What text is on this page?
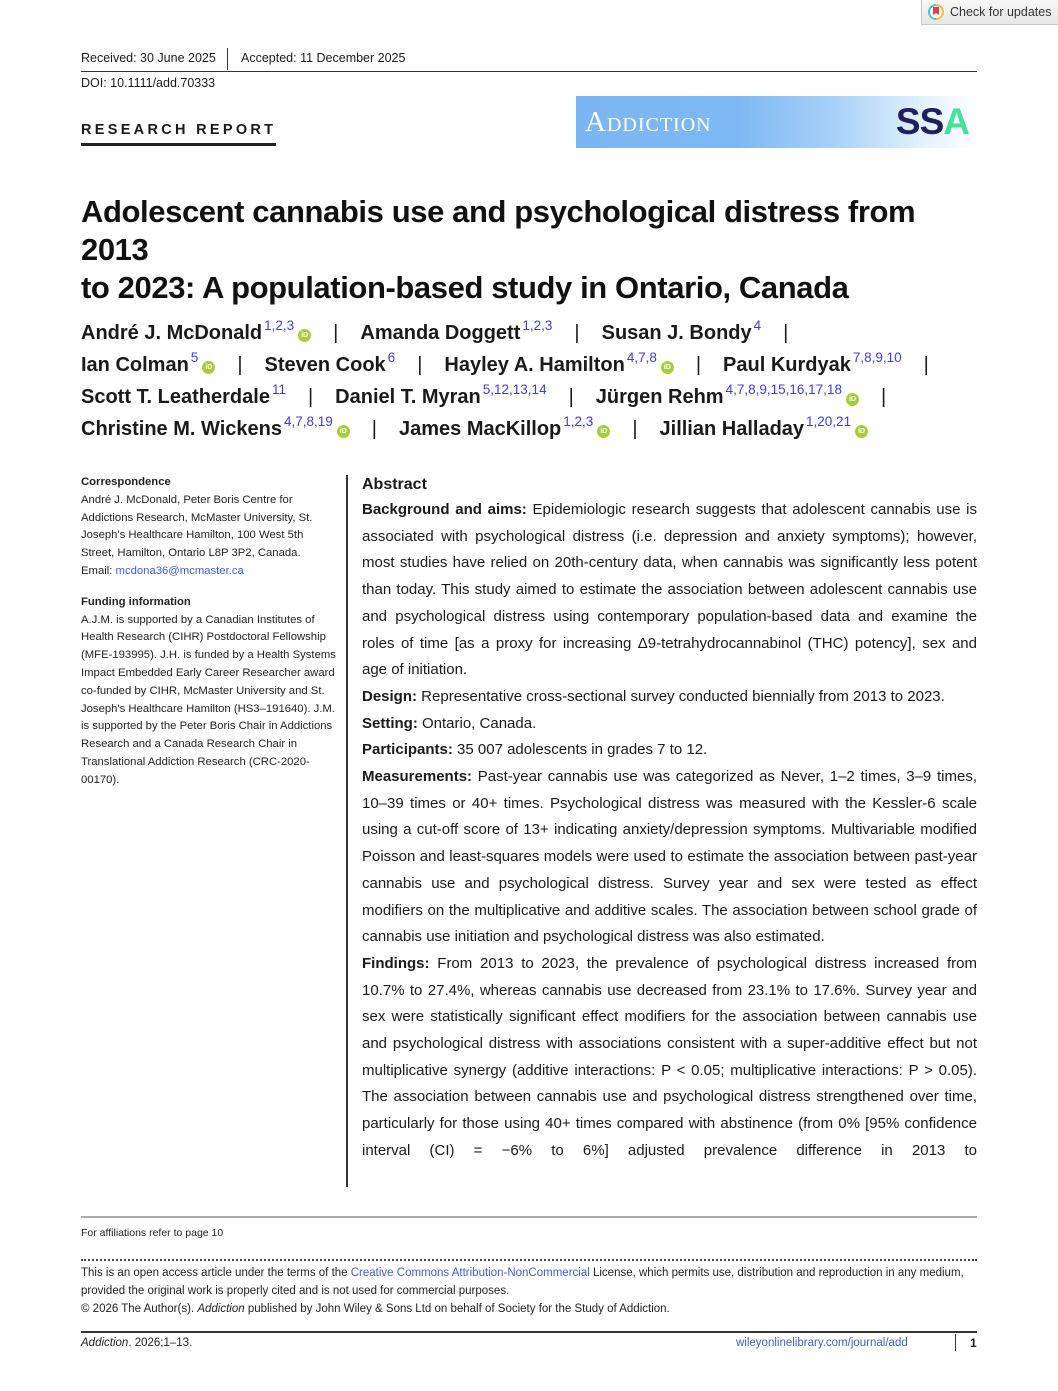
Check for updates
Received: 30 June 2025 Accepted: 11 December 2025
DOI: 10.1111/add.70333
RESEARCH REPORT	Addiction	SSA
Adolescent cannabis use and psychological distress from 2013
to 2023: A population-based study in Ontario, Canada
André J. McDonald $^{1,2,3}$iD | Amanda Doggett $^{1,2,3}$ | Susan J. Bondy $^4$ |
Ian Colman $^5$iD | Steven Cook $^6$ | Hayley A. Hamilton $^{4,7,8}$iD | Paul Kurdyak $^{7,8,9,10}$ |
Scott T. Leatherdale $^{11}$ | Daniel T. Myran $^{5,12,13,14}$ | Jürgen Rehm $^{4,7,8,9,15,16,17,18}$iD |
Christine M. Wickens $^{4,7,8,19}$iD | James MacKillop $^{1,2,3}$iD | Jillian Halladay $^{1,20,21}$iD
Correspondence

André J. McDonald, Peter Boris Centre for Addictions Research, McMaster University, St. Joseph's Healthcare Hamilton, 100 West 5th Street, Hamilton, Ontario L8P 3P2, Canada.
Email: mcdona36@mcmaster.ca

Funding information

A.J.M. is supported by a Canadian Institutes of Health Research (CIHR) Postdoctoral Fellowship (MFE-193995). J.H. is funded by a Health Systems Impact Embedded Early Career Researcher award co-funded by CIHR, McMaster University and St. Joseph's Healthcare Hamilton (HS3–191640). J.M. is supported by the Peter Boris Chair in Addictions Research and a Canada Research Chair in Translational Addiction Research (CRC-2020-00170).

Abstract

Background and aims: Epidemiologic research suggests that adolescent cannabis use is associated with psychological distress (i.e. depression and anxiety symptoms); however, most studies have relied on 20th-century data, when cannabis was significantly less potent than today. This study aimed to estimate the association between adolescent cannabis use and psychological distress using contemporary population-based data and examine the roles of time [as a proxy for increasing Δ9-tetrahydrocannabinol (THC) potency], sex and age of initiation.

Design: Representative cross-sectional survey conducted biennially from 2013 to 2023.

Setting: Ontario, Canada.

Participants: 35 007 adolescents in grades 7 to 12.

Measurements: Past-year cannabis use was categorized as Never, 1–2 times, 3–9 times, 10–39 times or 40+ times. Psychological distress was measured with the Kessler-6 scale using a cut-off score of 13+ indicating anxiety/depression symptoms. Multivariable modified Poisson and least-squares models were used to estimate the association between past-year cannabis use and psychological distress. Survey year and sex were tested as effect modifiers on the multiplicative and additive scales. The association between school grade of cannabis use initiation and psychological distress was also estimated.

Findings: From 2013 to 2023, the prevalence of psychological distress increased from 10.7% to 27.4%, whereas cannabis use decreased from 23.1% to 17.6%. Survey year and sex were statistically significant effect modifiers for the association between cannabis use and psychological distress with associations consistent with a super-additive effect but not multiplicative synergy (additive interactions: P < 0.05; multiplicative interactions: P > 0.05). The association between cannabis use and psychological distress strengthened over time, particularly for those using 40+ times compared with abstinence (from 0% [95% confidence interval (CI) = −6% to 6%] adjusted prevalence difference in 2013 to

For affiliations refer to page 10
This is an open access article under the terms of the Creative Commons Attribution-NonCommercial License, which permits use, distribution and reproduction in any medium, provided the original work is properly cited and is not used for commercial purposes.
© 2026 The Author(s). Addiction published by John Wiley & Sons Ltd on behalf of Society for the Study of Addiction.
Addiction. 2026;1–13.	wileyonlinelibrary.com/journal/add	1
